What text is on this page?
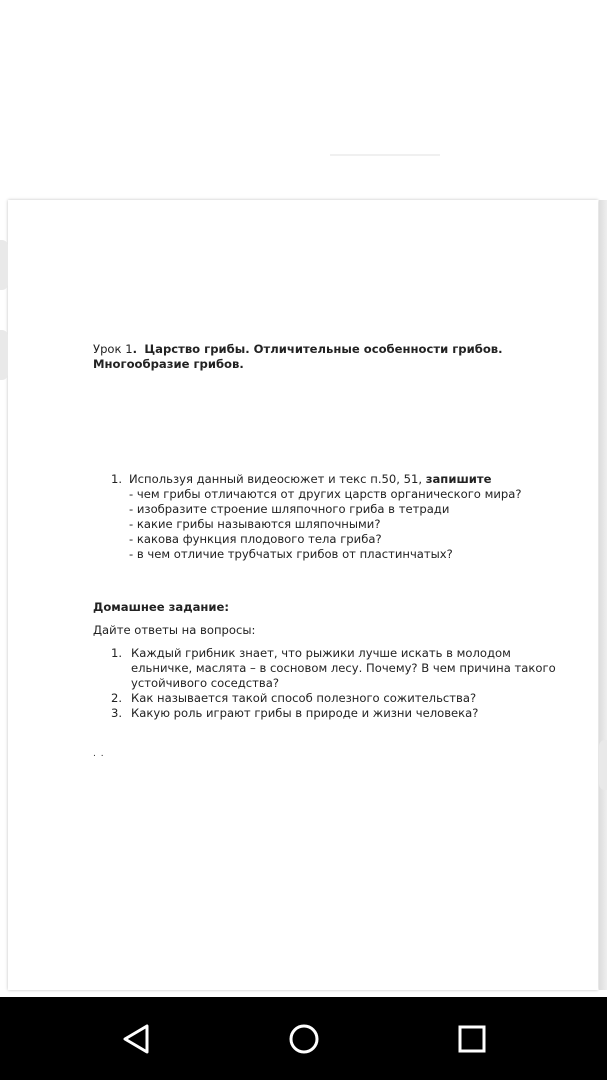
Урок 1. Царство грибы. Отличительные особенности грибов.
Многообразие грибов.
1. Используя данный видеосюжет и текс п.50, 51, запишите
- чем грибы отличаются от других царств органического мира?
- изобразите строение шляпочного гриба в тетради
- какие грибы называются шляпочными?
- какова функция плодового тела гриба?
- в чем отличие трубчатых грибов от пластинчатых?
Домашнее задание:
Дайте ответы на вопросы:
1. Каждый грибник знает, что рыжики лучше искать в молодом ельничке, маслята – в сосновом лесу. Почему? В чем причина такого устойчивого соседства?
2. Как называется такой способ полезного сожительства?
3. Какую роль играют грибы в природе и жизни человека?
. .
